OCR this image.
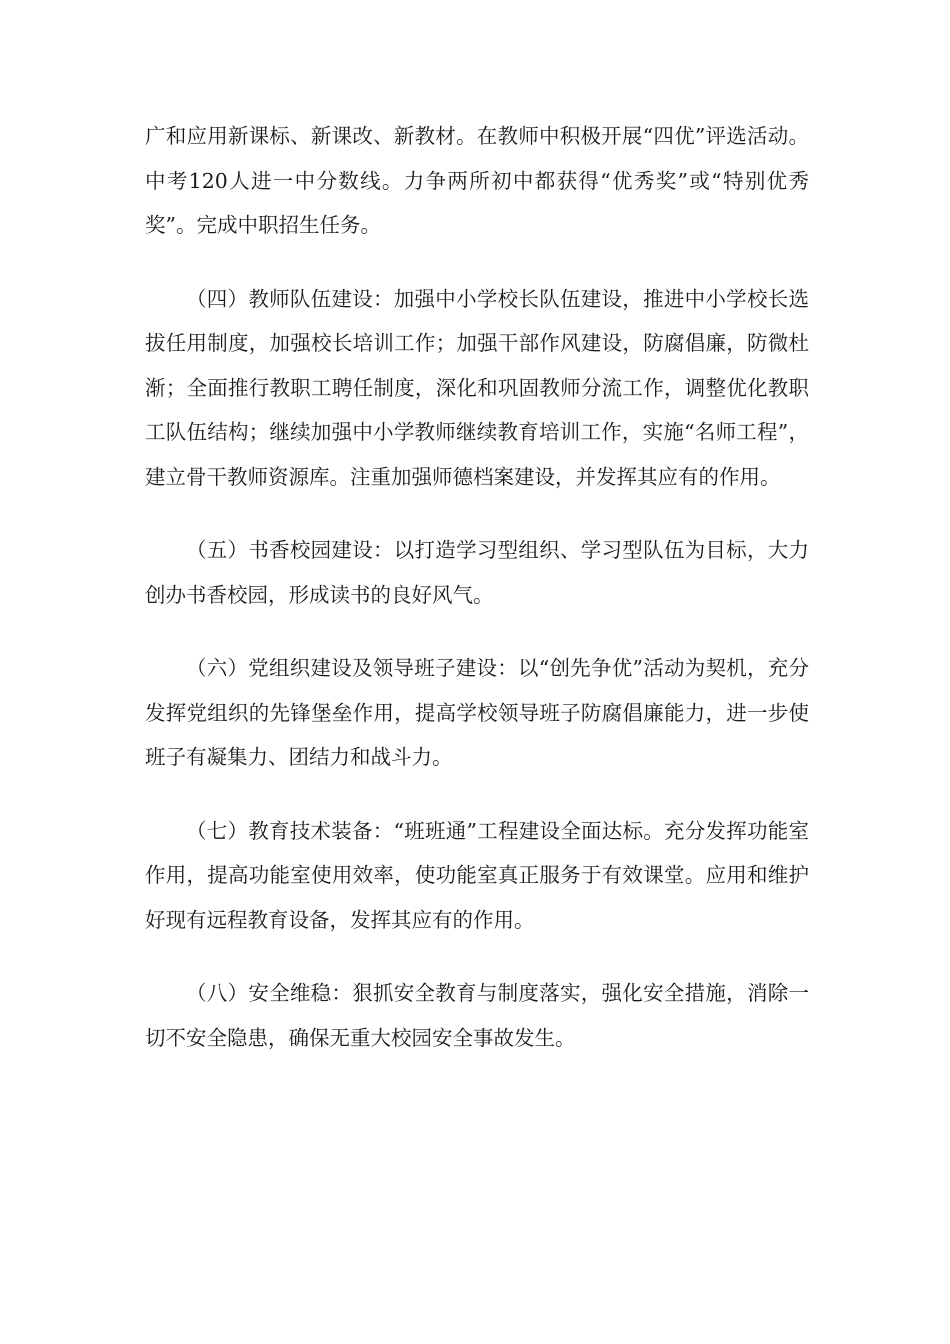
广和应用新课标、新课改、新教材。在教师中积极开展“四优”评选活动。中考120人进一中分数线。力争两所初中都获得“优秀奖”或“特别优秀奖”。完成中职招生任务。

（四）教师队伍建设：加强中小学校长队伍建设，推进中小学校长选拔任用制度，加强校长培训工作；加强干部作风建设，防腐倡廉，防微杜渐；全面推行教职工聘任制度，深化和巩固教师分流工作，调整优化教职工队伍结构；继续加强中小学教师继续教育培训工作，实施“名师工程”，建立骨干教师资源库。注重加强师德档案建设，并发挥其应有的作用。

（五）书香校园建设：以打造学习型组织、学习型队伍为目标，大力创办书香校园，形成读书的良好风气。

（六）党组织建设及领导班子建设：以“创先争优”活动为契机，充分发挥党组织的先锋堡垒作用，提高学校领导班子防腐倡廉能力，进一步使班子有凝集力、团结力和战斗力。

（七）教育技术装备：“班班通”工程建设全面达标。充分发挥功能室作用，提高功能室使用效率，使功能室真正服务于有效课堂。应用和维护好现有远程教育设备，发挥其应有的作用。

（八）安全维稳：狠抓安全教育与制度落实，强化安全措施，消除一切不安全隐患，确保无重大校园安全事故发生。
